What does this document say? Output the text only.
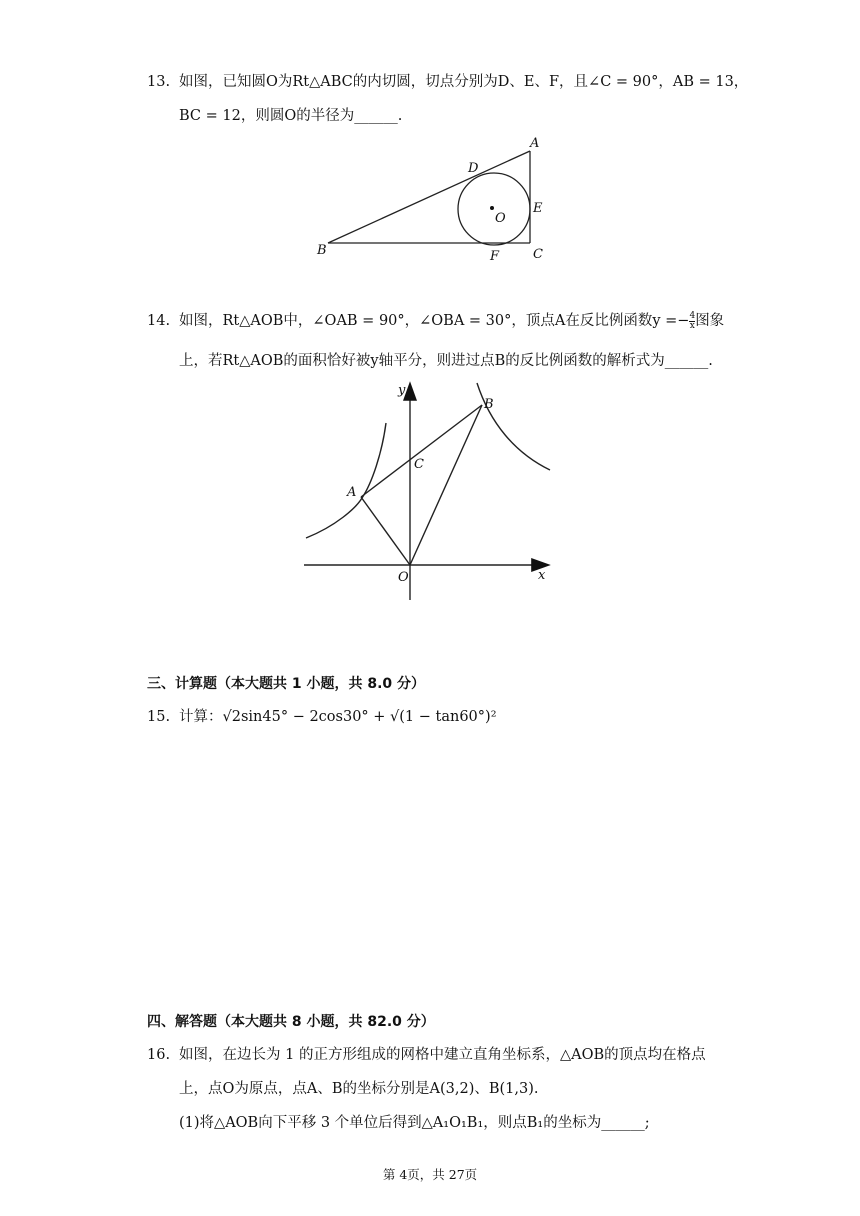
13. 如图，已知圆O为Rt△ABC的内切圆，切点分别为D、E、F，且∠C = 90°，AB = 13，
BC = 12，则圆O的半径为______.
A
B	C
D
E
F
O
14. 如图，Rt△AOB中，∠OAB = 90°，∠OBA = 30°，顶点A在反比例函数$y =- \frac{4}{x}$ 图象
上，若Rt△AOB的面积恰好被y轴平分，则进过点B的反比例函数的解析式为______.
y
x
A
B
C
O
三、计算题（本大题共 1 小题，共 8.0 分）
15. 计算：√2sin45° − 2cos30° + √(1 − tan60°)²
四、解答题（本大题共 8 小题，共 82.0 分）
16. 如图，在边长为 1 的正方形组成的网格中建立直角坐标系，△AOB的顶点均在格点
上，点O为原点，点A、B的坐标分别是A(3,2)、B(1,3).
(1)将△AOB向下平移 3 个单位后得到△A₁O₁B₁，则点B₁的坐标为______;
第 4页，共 27页
